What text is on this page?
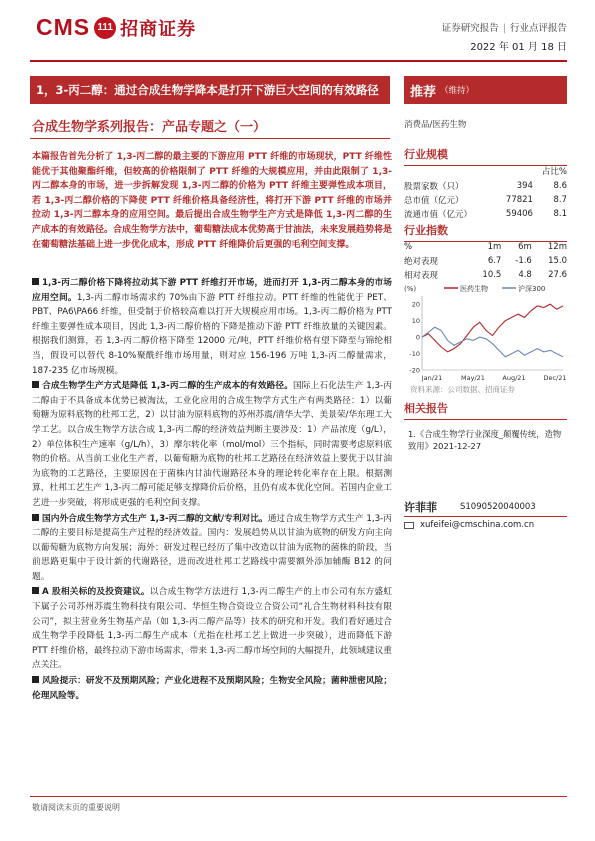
CMS 111 招商证券	证券研究报告 | 行业点评报告
2022 年 01 月 18 日
1，3-丙二醇：通过合成生物学降本是打开下游巨大空间的有效路径	推荐 （维持）
合成生物学系列报告：产品专题之（一）
本篇报告首先分析了 1,3-丙二醇的最主要的下游应用 PTT 纤维的市场现状，PTT 纤维性能优于其他聚酯纤维，但较高的价格限制了 PTT 纤维的大规模应用，并由此限制了 1,3-丙二醇本身的市场，进一步拆解发现 1,3-丙二醇的价格为 PTT 纤维主要弹性成本项目，若 1,3-丙二醇价格的下降使 PTT 纤维价格具备经济性，将打开下游 PTT 纤维的市场并拉动 1,3-丙二醇本身的应用空间。最后提出合成生物学生产方式是降低 1,3-丙二醇的生产成本的有效路径。合成生物学方法中，葡萄糖法成本优势高于甘油法，未来发展趋势将是在葡萄糖法基础上进一步优化成本，形成 PTT 纤维降价后更强的毛利空间支撑。
1,3-丙二醇价格下降将拉动其下游 PTT 纤维打开市场，进而打开 1,3-丙二醇本身的市场应用空间。1,3-丙二醇市场需求约 70%由下游 PTT 纤维拉动。PTT 纤维的性能优于 PET、PBT、PA6\PA66 纤维，但受制于价格较高难以打开大规模应用市场。1,3-丙二醇价格为 PTT 纤维主要弹性成本项目，因此 1,3-丙二醇价格的下降是推动下游 PTT 纤维放量的关键因素。根据我们测算，若 1,3-丙二醇价格下降至 12000 元/吨，PTT 纤维价格有望下降至与锦纶相当，假设可以替代 8-10%聚酰纤维市场用量，则对应 156-196 万吨 1,3-丙二醇量需求，187-235 亿市场规模。
合成生物学生产方式是降低 1,3-丙二醇的生产成本的有效路径。国际上石化法生产 1,3-丙二醇由于不具备成本优势已被淘汰，工业化应用的合成生物学方式生产有两类路径：1）以葡萄糖为原料底物的杜邦工艺，2）以甘油为原料底物的苏州苏震/清华大学、美景荣/华东理工大学工艺。以合成生物学方法合成 1,3-丙二醇的经济效益判断主要涉及：1）产品浓度（g/L），2）单位体积生产速率（g/L/h），3）摩尔转化率（mol/mol）三个指标，同时需要考虑原料底物的价格。从当前工业化生产者，以葡萄糖为底物的杜邦工艺路径在经济效益上要优于以甘油为底物的工艺路径，主要原因在于菌株内甘油代谢路径本身的理论转化率存在上限。根据测算，杜邦工艺生产 1,3-丙二醇可能足够支撑降价后价格，且仍有成本优化空间。若国内企业工艺进一步突破，将形成更强的毛利空间支撑。
国内外合成生物学方式生产 1,3-丙二醇的文献/专利对比。通过合成生物学方式生产 1,3-丙二醇的主要目标是提高生产过程的经济效益。国内：发展趋势从以甘油为底物的研发方向主向以葡萄糖为底物方向发展；海外：研发过程已经历了集中改造以甘油为底物的菌株的阶段，当前思路更集中于设计新的代谢路径，进而改进杜邦工艺路线中需要额外添加辅酶 B12 的问题。
A 股相关标的及投资建议。以合成生物学方法进行 1,3-丙二醇生产的上市公司有东方盛虹下属子公司苏州苏震生物科技有限公司、华恒生物合资设立合资公司“礼合生物材料科技有限公司”，拟主营业务生物基产品（如 1,3-丙二醇产品等）技术的研究和开发。我们看好通过合成生物学手段降低 1,3-丙二醇生产成本（尤指在杜邦工艺上做进一步突破），进而降低下游 PTT 纤维价格，最终拉动下游市场需求，带来 1,3-丙二醇市场空间的大幅提升，此领域建议重点关注。
风险提示：研发不及预期风险；产业化进程不及预期风险；生物安全风险；菌种泄密风险；伦理风险等。
敬请阅读末页的重要说明
消费品/医药生物
行业规模
		占比%
股票家数（只）	394	8.6
总市值（亿元）	77821	8.7
流通市值（亿元）	59406	8.1
行业指数
%	1m	6m	12m
绝对表现	6.7	-1.6	15.0
相对表现	10.5	4.8	27.6
(%)	医药生物	沪深300
-20
-10
0
10
20
Jan/21	May/21	Aug/21	Dec/21
资料来源：公司数据、招商证券
相关报告
1.《合成生物学行业深度_颠覆传统，造物致用》2021-12-27
许菲菲	S1090520040003
xufeifei@cmschina.com.cn
